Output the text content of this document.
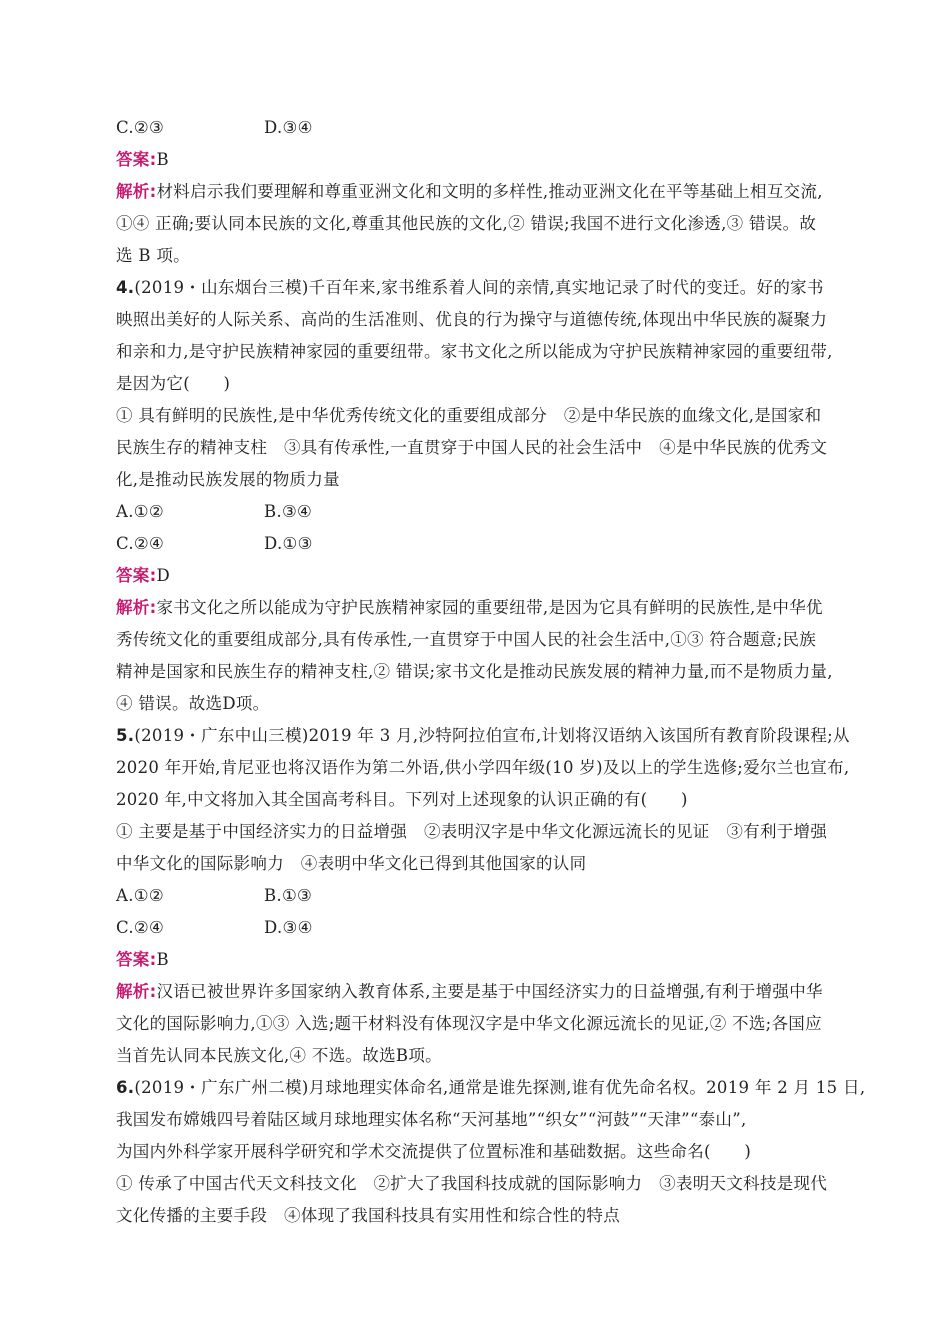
C.②③	D.③④
答案:B
解析:材料启示我们要理解和尊重亚洲文化和文明的多样性,推动亚洲文化在平等基础上相互交流,
①④ 正确;要认同本民族的文化,尊重其他民族的文化,② 错误;我国不进行文化渗透,③ 错误。故
选 B 项。
4.(2019・山东烟台三模)千百年来,家书维系着人间的亲情,真实地记录了时代的变迁。好的家书
映照出美好的人际关系、高尚的生活准则、优良的行为操守与道德传统,体现出中华民族的凝聚力
和亲和力,是守护民族精神家园的重要纽带。家书文化之所以能成为守护民族精神家园的重要纽带,
是因为它(　　)
① 具有鲜明的民族性,是中华优秀传统文化的重要组成部分　②是中华民族的血缘文化,是国家和
民族生存的精神支柱　③具有传承性,一直贯穿于中国人民的社会生活中　④是中华民族的优秀文
化,是推动民族发展的物质力量
A.①②	B.③④
C.②④	D.①③
答案:D
解析:家书文化之所以能成为守护民族精神家园的重要纽带,是因为它具有鲜明的民族性,是中华优
秀传统文化的重要组成部分,具有传承性,一直贯穿于中国人民的社会生活中,①③ 符合题意;民族
精神是国家和民族生存的精神支柱,② 错误;家书文化是推动民族发展的精神力量,而不是物质力量,
④ 错误。故选D项。
5.(2019・广东中山三模)2019 年 3 月,沙特阿拉伯宣布,计划将汉语纳入该国所有教育阶段课程;从
2020 年开始,肯尼亚也将汉语作为第二外语,供小学四年级(10 岁)及以上的学生选修;爱尔兰也宣布,
2020 年,中文将加入其全国高考科目。下列对上述现象的认识正确的有(　　)
① 主要是基于中国经济实力的日益增强　②表明汉字是中华文化源远流长的见证　③有利于增强
中华文化的国际影响力　④表明中华文化已得到其他国家的认同
A.①②	B.①③
C.②④	D.③④
答案:B
解析:汉语已被世界许多国家纳入教育体系,主要是基于中国经济实力的日益增强,有利于增强中华
文化的国际影响力,①③ 入选;题干材料没有体现汉字是中华文化源远流长的见证,② 不选;各国应
当首先认同本民族文化,④ 不选。故选B项。
6.(2019・广东广州二模)月球地理实体命名,通常是谁先探测,谁有优先命名权。2019 年 2 月 15 日,
我国发布嫦娥四号着陆区域月球地理实体名称“天河基地”“织女”“河鼓”“天津”“泰山”,
为国内外科学家开展科学研究和学术交流提供了位置标准和基础数据。这些命名(　　)
① 传承了中国古代天文科技文化　②扩大了我国科技成就的国际影响力　③表明天文科技是现代
文化传播的主要手段　④体现了我国科技具有实用性和综合性的特点
